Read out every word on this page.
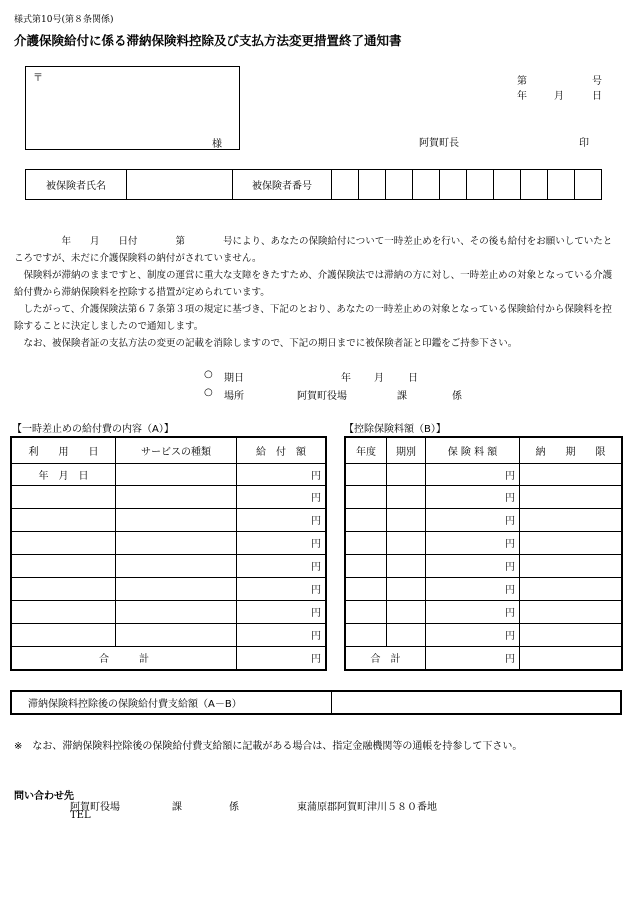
様式第10号(第８条関係)
介護保険給付に係る滞納保険料控除及び支払方法変更措置終了通知書
〒
様
第	号
年	月	日
阿賀町長	印
被保険者氏名		被保険者番号										

　　　　　年　　月　　日付　　　　第　　　　号により、あなたの保険給付について一時差止めを行い、その後も給付をお願いしていたところですが、未だに介護保険料の納付がされていません。

　保険料が滞納のままですと、制度の運営に重大な支障をきたすため、介護保険法では滞納の方に対し、一時差止めの対象となっている介護給付費から滞納保険料を控除する措置が定められています。

　したがって、介護保険法第６７条第３項の規定に基づき、下記のとおり、あなたの一時差止めの対象となっている保険給付から保険料を控除することに決定しましたので通知します。

　なお、被保険者証の支払方法の変更の記載を消除しますので、下記の期日までに被保険者証と印鑑をご持参下さい。

○ 期日	年 月 日
○ 場所	阿賀町役場	課	係
【一時差止めの給付費の内容（A）】	【控除保険料額（B）】
利　　用　　日	サービスの種類	給　付　額
年　月　日		円
		円
		円
		円
		円
		円
		円
		円
合　　　計		円
年度	期別	保 険 料 額	納　　期　　限
		円	
		円	
		円	
		円	
		円	
		円	
		円	
		円	
合　計		円	
滞納保険料控除後の保険給付費支給額（A－B）	
※　なお、滞納保険料控除後の保険給付費支給額に記載がある場合は、指定金融機関等の通帳を持参して下さい。
問い合わせ先
阿賀町役場	課	係	東蒲原郡阿賀町津川５８０番地
TEL
